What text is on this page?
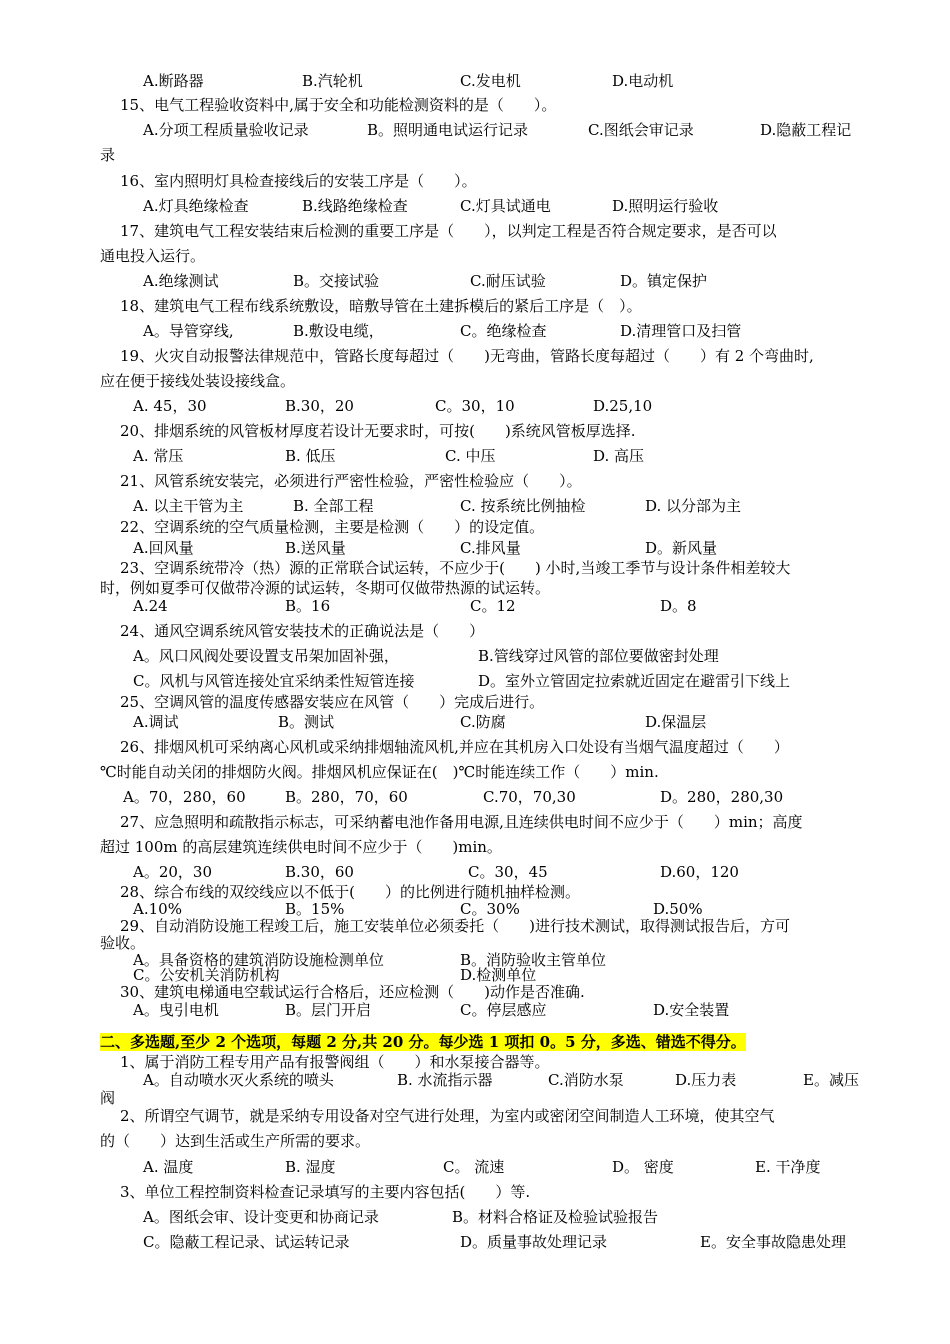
A.断路器	B.汽轮机	C.发电机	D.电动机
15、电气工程验收资料中,属于安全和功能检测资料的是（　　）。
A.分项工程质量验收记录	B。照明通电试运行记录	C.图纸会审记录	D.隐蔽工程记
录
16、室内照明灯具检查接线后的安装工序是（　　）。
A.灯具绝缘检查	B.线路绝缘检查	C.灯具试通电	D.照明运行验收
17、建筑电气工程安装结束后检测的重要工序是（　　），以判定工程是否符合规定要求，是否可以
通电投入运行。
A.绝缘测试	B。交接试验	C.耐压试验	D。镇定保护
18、建筑电气工程布线系统敷设，暗敷导管在土建拆模后的紧后工序是（　）。
A。导管穿线,	B.敷设电缆，	C。绝缘检查	D.清理管口及扫管
19、火灾自动报警法律规范中，管路长度每超过（　　)无弯曲，管路长度每超过（　　）有 2 个弯曲时,
应在便于接线处装设接线盒。
A. 45，30	B.30，20	C。30，10	D.25,10
20、排烟系统的风管板材厚度若设计无要求时，可按(　　)系统风管板厚选择.
A. 常压	B. 低压	C. 中压	D. 高压
21、风管系统安装完，必须进行严密性检验，严密性检验应（　　）。
A. 以主干管为主	B. 全部工程	C. 按系统比例抽检	D. 以分部为主
22、空调系统的空气质量检测，主要是检测（　　）的设定值。
A.回风量	B.送风量	C.排风量	D。新风量
23、空调系统带冷（热）源的正常联合试运转，不应少于(　　) 小时,当竣工季节与设计条件相差较大
时，例如夏季可仅做带冷源的试运转，冬期可仅做带热源的试运转。
A.24	B。16	C。12	D。8
24、通风空调系统风管安装技术的正确说法是（　　）
A。风口风阀处要设置支吊架加固补强，	B.管线穿过风管的部位要做密封处理
C。风机与风管连接处宜采纳柔性短管连接	D。室外立管固定拉索就近固定在避雷引下线上
25、空调风管的温度传感器安装应在风管（　　）完成后进行。
A.调试	B。测试	C.防腐	D.保温层
26、排烟风机可采纳离心风机或采纳排烟轴流风机,并应在其机房入口处设有当烟气温度超过（　　）
℃时能自动关闭的排烟防火阀。排烟风机应保证在(　)℃时能连续工作（　　）min.
A。70，280，60	B。280，70，60	C.70，70,30	D。280，280,30
27、应急照明和疏散指示标志，可采纳蓄电池作备用电源,且连续供电时间不应少于（　　）min；高度
超过 100m 的高层建筑连续供电时间不应少于（　　)min。
A。20，30	B.30，60	C。30，45	D.60，120
28、综合布线的双绞线应以不低于(　　）的比例进行随机抽样检测。
A.10%	B。15%	C。30%	D.50%
29、自动消防设施工程竣工后，施工安装单位必须委托（　　)进行技术测试，取得测试报告后，方可
验收。
A。具备资格的建筑消防设施检测单位	B。消防验收主管单位
C。公安机关消防机构	D.检测单位
30、建筑电梯通电空载试运行合格后，还应检测（　　)动作是否准确.
A。曳引电机	B。层门开启	C。停层感应	D.安全装置
二、多选题,至少 2 个选项，每题 2 分,共 20 分。每少选 1 项扣 0。5 分，多选、错选不得分。
1、属于消防工程专用产品有报警阀组（　　）和水泵接合器等。
A。自动喷水灭火系统的喷头	B. 水流指示器	C.消防水泵	D.压力表	E。减压
阀
2、所谓空气调节，就是采纳专用设备对空气进行处理，为室内或密闭空间制造人工环境，使其空气
的（　　）达到生活或生产所需的要求。
A. 温度	B. 湿度	C。 流速	D。 密度	E. 干净度
3、单位工程控制资料检查记录填写的主要内容包括(　　）等.
A。图纸会审、设计变更和协商记录	B。材料合格证及检验试验报告
C。隐蔽工程记录、试运转记录	D。质量事故处理记录	E。安全事故隐患处理
